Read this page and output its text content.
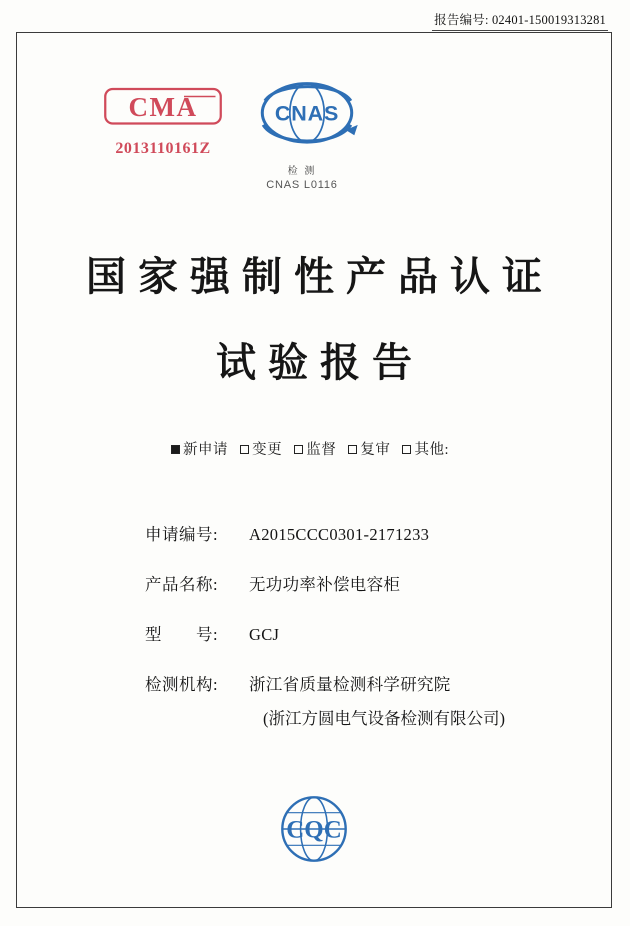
报告编号: 02401-150019313281
CMA
2013110161Z
CNAS
检 测
CNAS L0116
国家强制性产品认证
试验报告
新申请 变更 监督 复审 其他:
申请编号:	A2015CCC0301-2171233
产品名称:	无功功率补偿电容柜
型　　号:	GCJ
检测机构:	浙江省质量检测科学研究院
(浙江方圆电气设备检测有限公司)
CQC
